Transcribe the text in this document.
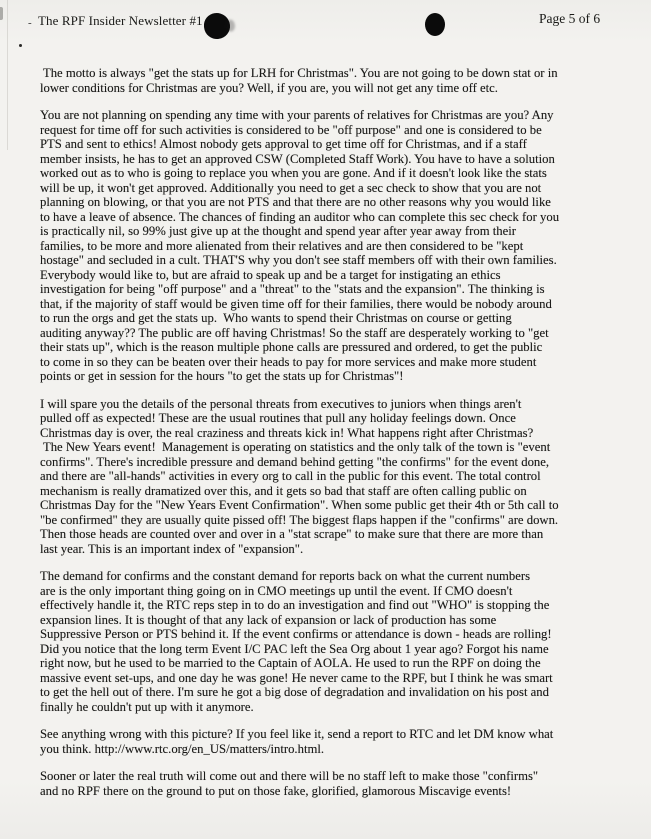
- The RPF Insider Newsletter #1	Page 5 of 6
The motto is always "get the stats up for LRH for Christmas". You are not going to be down stat or in
lower conditions for Christmas are you? Well, if you are, you will not get any time off etc.
You are not planning on spending any time with your parents of relatives for Christmas are you? Any
request for time off for such activities is considered to be "off purpose" and one is considered to be
PTS and sent to ethics! Almost nobody gets approval to get time off for Christmas, and if a staff
member insists, he has to get an approved CSW (Completed Staff Work). You have to have a solution
worked out as to who is going to replace you when you are gone. And if it doesn't look like the stats
will be up, it won't get approved. Additionally you need to get a sec check to show that you are not
planning on blowing, or that you are not PTS and that there are no other reasons why you would like
to have a leave of absence. The chances of finding an auditor who can complete this sec check for you
is practically nil, so 99% just give up at the thought and spend year after year away from their
families, to be more and more alienated from their relatives and are then considered to be "kept
hostage" and secluded in a cult. THAT'S why you don't see staff members off with their own families.
Everybody would like to, but are afraid to speak up and be a target for instigating an ethics
investigation for being "off purpose" and a "threat" to the "stats and the expansion". The thinking is
that, if the majority of staff would be given time off for their families, there would be nobody around
to run the orgs and get the stats up.  Who wants to spend their Christmas on course or getting
auditing anyway?? The public are off having Christmas! So the staff are desperately working to "get
their stats up", which is the reason multiple phone calls are pressured and ordered, to get the public
to come in so they can be beaten over their heads to pay for more services and make more student
points or get in session for the hours "to get the stats up for Christmas"!
I will spare you the details of the personal threats from executives to juniors when things aren't
pulled off as expected! These are the usual routines that pull any holiday feelings down. Once
Christmas day is over, the real craziness and threats kick in! What happens right after Christmas?
The New Years event!  Management is operating on statistics and the only talk of the town is "event
confirms". There's incredible pressure and demand behind getting "the confirms" for the event done,
and there are "all-hands" activities in every org to call in the public for this event. The total control
mechanism is really dramatized over this, and it gets so bad that staff are often calling public on
Christmas Day for the "New Years Event Confirmation". When some public get their 4th or 5th call to
"be confirmed" they are usually quite pissed off! The biggest flaps happen if the "confirms" are down.
Then those heads are counted over and over in a "stat scrape" to make sure that there are more than
last year. This is an important index of "expansion".
The demand for confirms and the constant demand for reports back on what the current numbers
are is the only important thing going on in CMO meetings up until the event. If CMO doesn't
effectively handle it, the RTC reps step in to do an investigation and find out "WHO" is stopping the
expansion lines. It is thought of that any lack of expansion or lack of production has some
Suppressive Person or PTS behind it. If the event confirms or attendance is down - heads are rolling!
Did you notice that the long term Event I/C PAC left the Sea Org about 1 year ago? Forgot his name
right now, but he used to be married to the Captain of AOLA. He used to run the RPF on doing the
massive event set-ups, and one day he was gone! He never came to the RPF, but I think he was smart
to get the hell out of there. I'm sure he got a big dose of degradation and invalidation on his post and
finally he couldn't put up with it anymore.
See anything wrong with this picture? If you feel like it, send a report to RTC and let DM know what
you think. http://www.rtc.org/en_US/matters/intro.html.
Sooner or later the real truth will come out and there will be no staff left to make those "confirms"
and no RPF there on the ground to put on those fake, glorified, glamorous Miscavige events!
